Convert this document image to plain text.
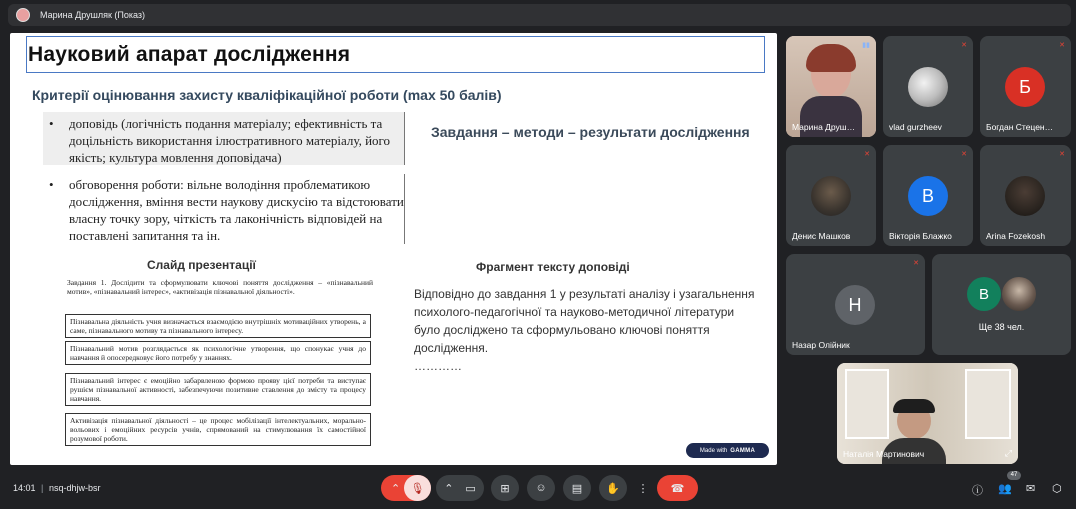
Марина Друшляк (Показ)
Науковий апарат дослідження
Критерії оцінювання захисту кваліфікаційної роботи (max 50 балів)
• доповідь (логічність подання матеріалу; ефективність та доцільність використання ілюстративного матеріалу, його якість; культура мовлення доповідача)
• обговорення роботи: вільне володіння проблематикою дослідження, вміння вести наукову дискусію та відстоювати власну точку зору, чіткість та лаконічність відповідей на поставлені запитання та ін.
Завдання – методи – результати дослідження
Слайд презентації	Фрагмент тексту доповіді
Завдання 1. Дослідити та сформулювати ключові поняття дослідження – «пізнавальний мотив», «пізнавальний інтерес», «активізація пізнавальної діяльності».
Пізнавальна діяльність учня визначається взаємодією внутрішніх мотиваційних утворень, а саме, пізнавального мотиву та пізнавального інтересу.
Пізнавальний мотив розглядається як психологічне утворення, що спонукає учня до навчання й опосередковує його потребу у знаннях.
Пізнавальний інтерес є емоційно забарвленою формою прояву цієї потреби та виступає рушієм пізнавальної активності, забезпечуючи позитивне ставлення до змісту та процесу навчання.
Активізація пізнавальної діяльності – це процес мобілізації інтелектуальних, морально-вольових і емоційних ресурсів учнів, спрямований на стимулювання їх самостійної розумової роботи.
Відповідно до завдання 1 у результаті аналізу і узагальнення психолого-педагогічної та науково-методичної літератури було досліджено та сформульовано ключові поняття дослідження.
…………
Made with GAMMA
▮▮
Марина Друш…
✕
vlad gurzheev
Б
✕
Богдан Стецен…
✕
Денис Машков
В
✕
Вікторія Блажко
✕
Arina Fozekosh
Н
✕
Назар Олійник
В
Ще 38 чел.
Наталія Мартинович	⤢
14:01 | nsq-dhjw-bsr	⌃ 🎙 ⌃ ▭ ⊞ ☺ ▤ ✋ ⋮ ☎	ⓘ 👥 ✉ ⬡
47
